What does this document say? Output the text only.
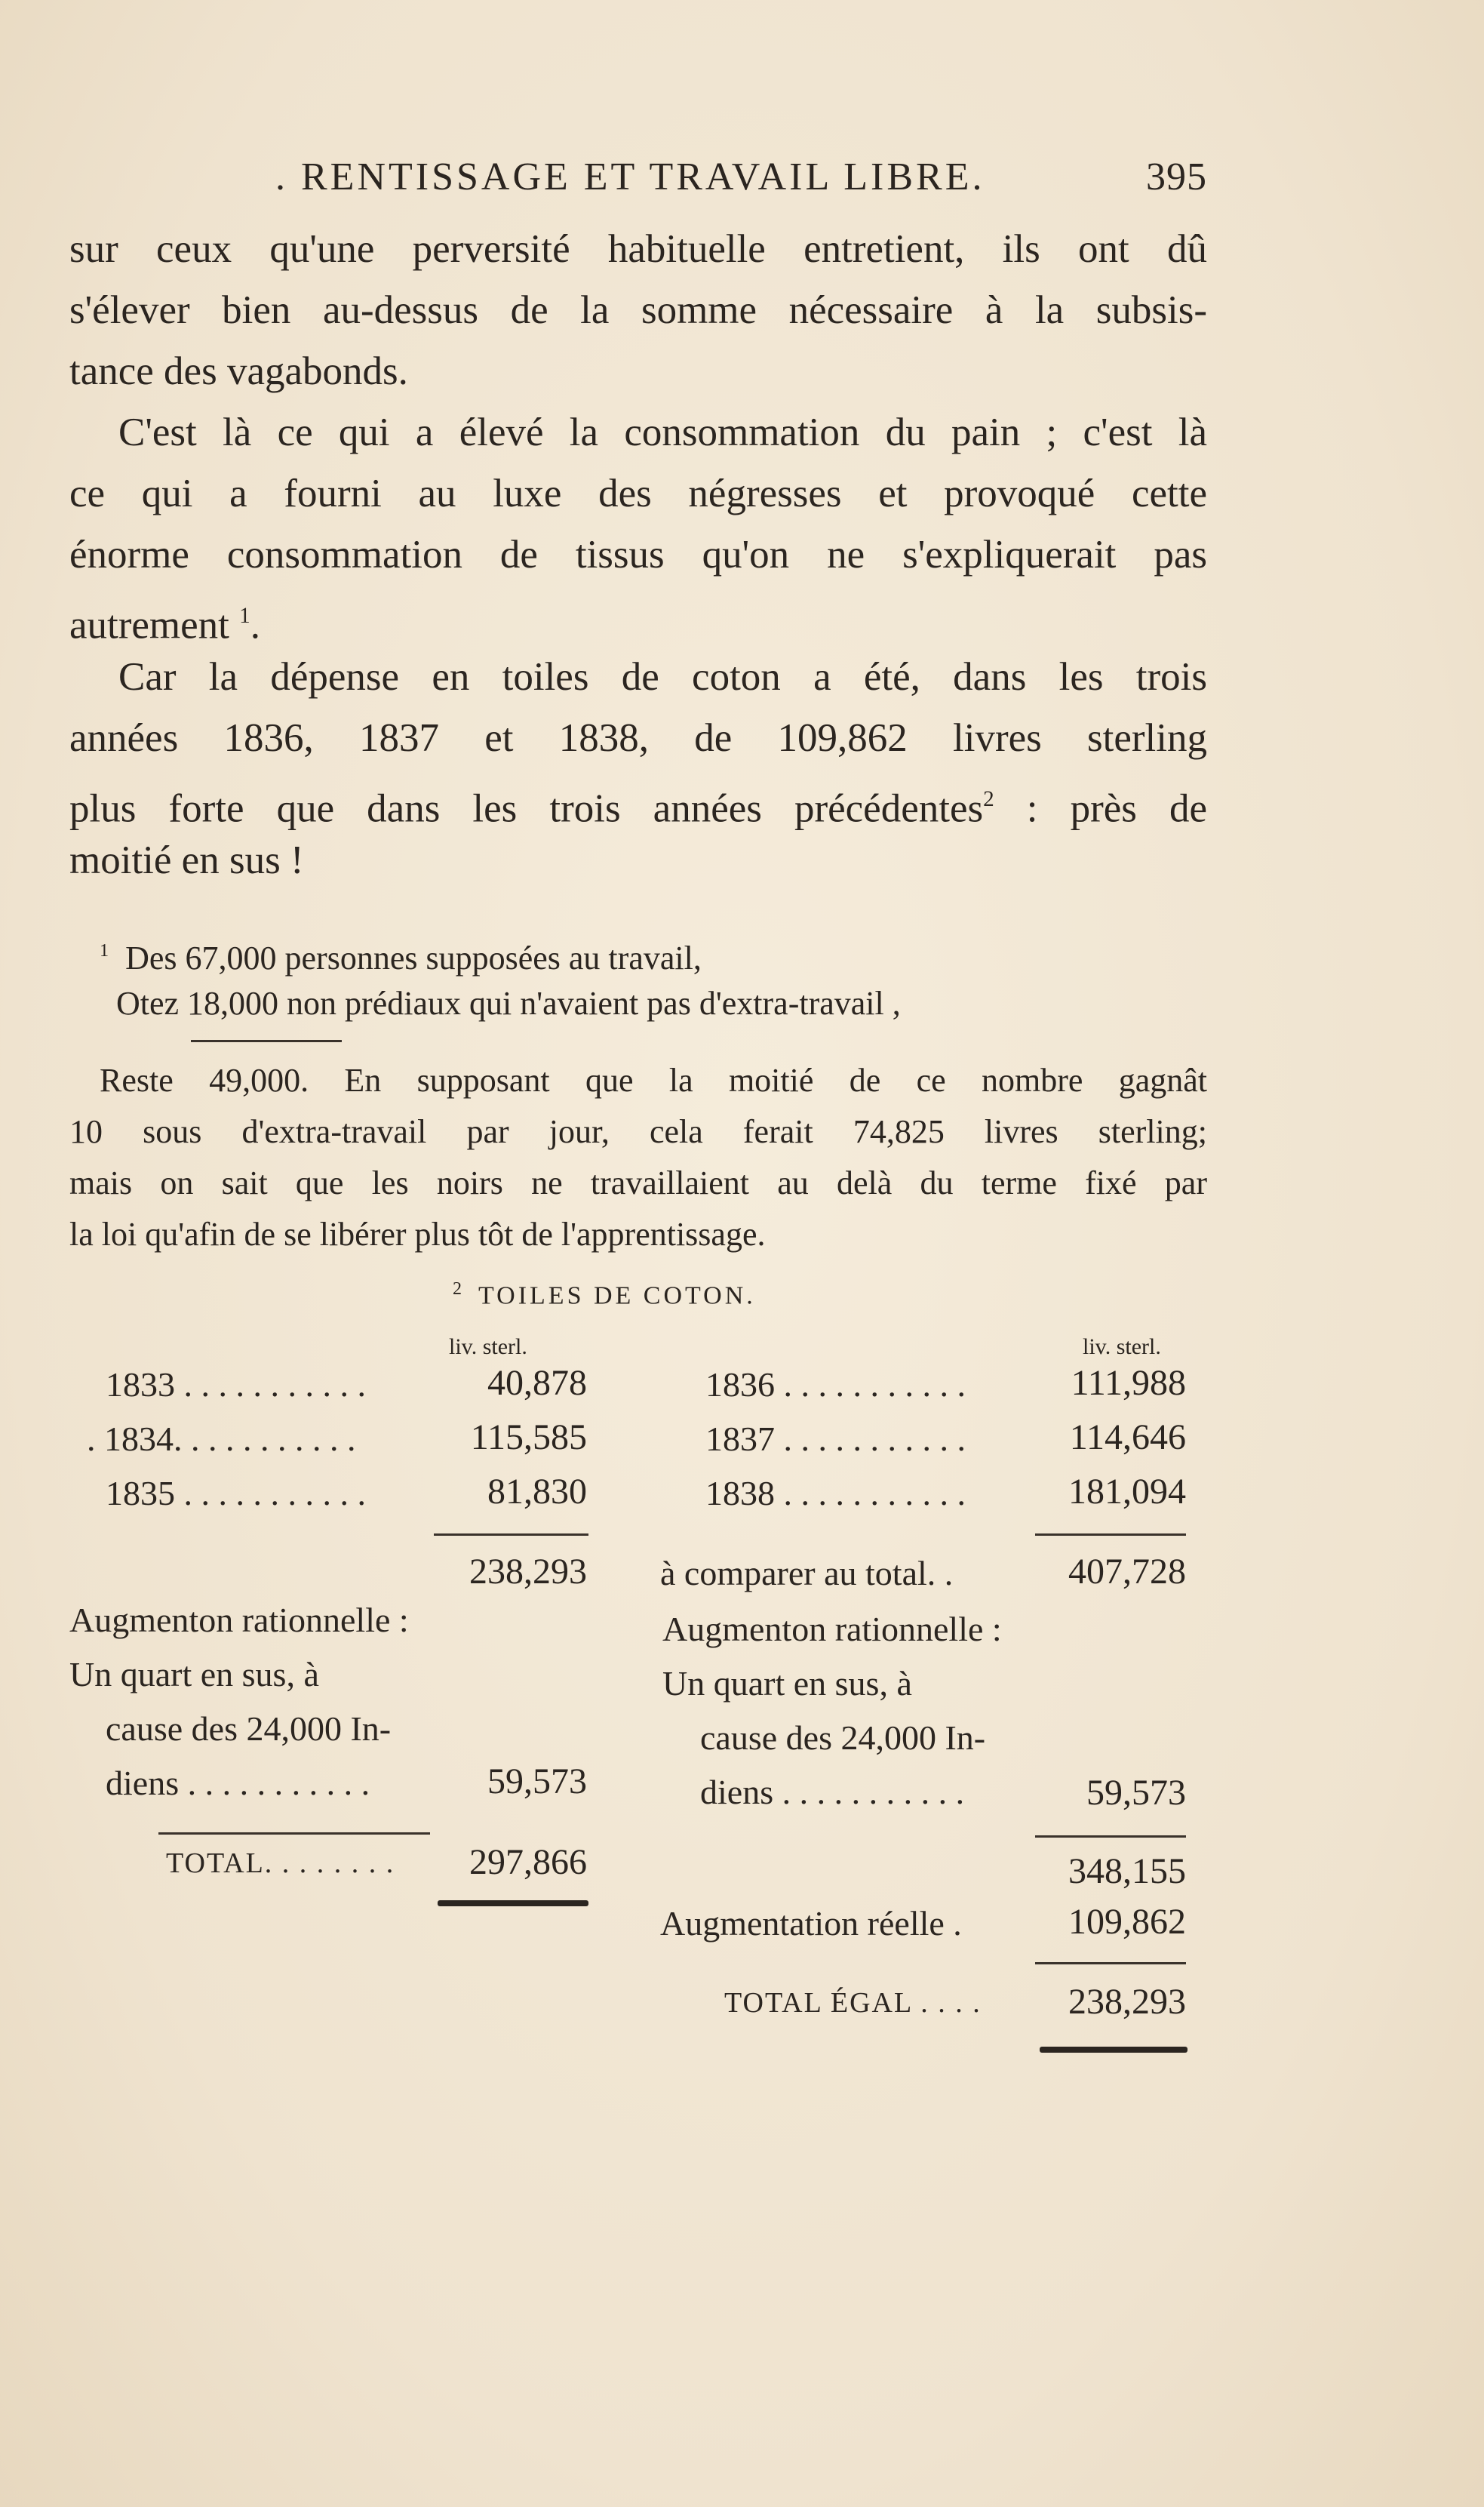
. RENTISSAGE ET TRAVAIL LIBRE.	395
sur ceux qu'une perversité habituelle entretient, ils ont dû
s'élever bien au-dessus de la somme nécessaire à la subsis-
tance des vagabonds.
C'est là ce qui a élevé la consommation du pain ; c'est là
ce qui a fourni au luxe des négresses et provoqué cette
énorme consommation de tissus qu'on ne s'expliquerait pas
autrement $^1$.
Car la dépense en toiles de coton a été, dans les trois
années 1836, 1837 et 1838, de 109,862 livres sterling
plus forte que dans les trois années précédentes$^2$ : près de
moitié en sus !
$^1$ Des 67,000 personnes supposées au travail,
Otez 18,000 non prédiaux qui n'avaient pas d'extra-travail ,
Reste 49,000. En supposant que la moitié de ce nombre gagnât
10 sous d'extra-travail par jour, cela ferait 74,825 livres sterling;
mais on sait que les noirs ne travaillaient au delà du terme fixé par
la loi qu'afin de se libérer plus tôt de l'apprentissage.
$^2$ TOILES DE COTON.
liv. sterl.
1833 . . . . . . . . . . .	40,878
. 1834. . . . . . . . . . .	115,585
1835 . . . . . . . . . . .	81,830
238,293
Augmenton rationnelle :
Un quart en sus, à
cause des 24,000 In-
diens . . . . . . . . . . .	59,573
TOTAL. . . . . . . .	297,866
liv. sterl.
1836 . . . . . . . . . . .	111,988
1837 . . . . . . . . . . .	114,646
1838 . . . . . . . . . . .	181,094
à comparer au total. .	407,728
Augmenton rationnelle :
Un quart en sus, à
cause des 24,000 In-
diens . . . . . . . . . . .	59,573
348,155
Augmentation réelle .	109,862
TOTAL ÉGAL . . . .	238,293
